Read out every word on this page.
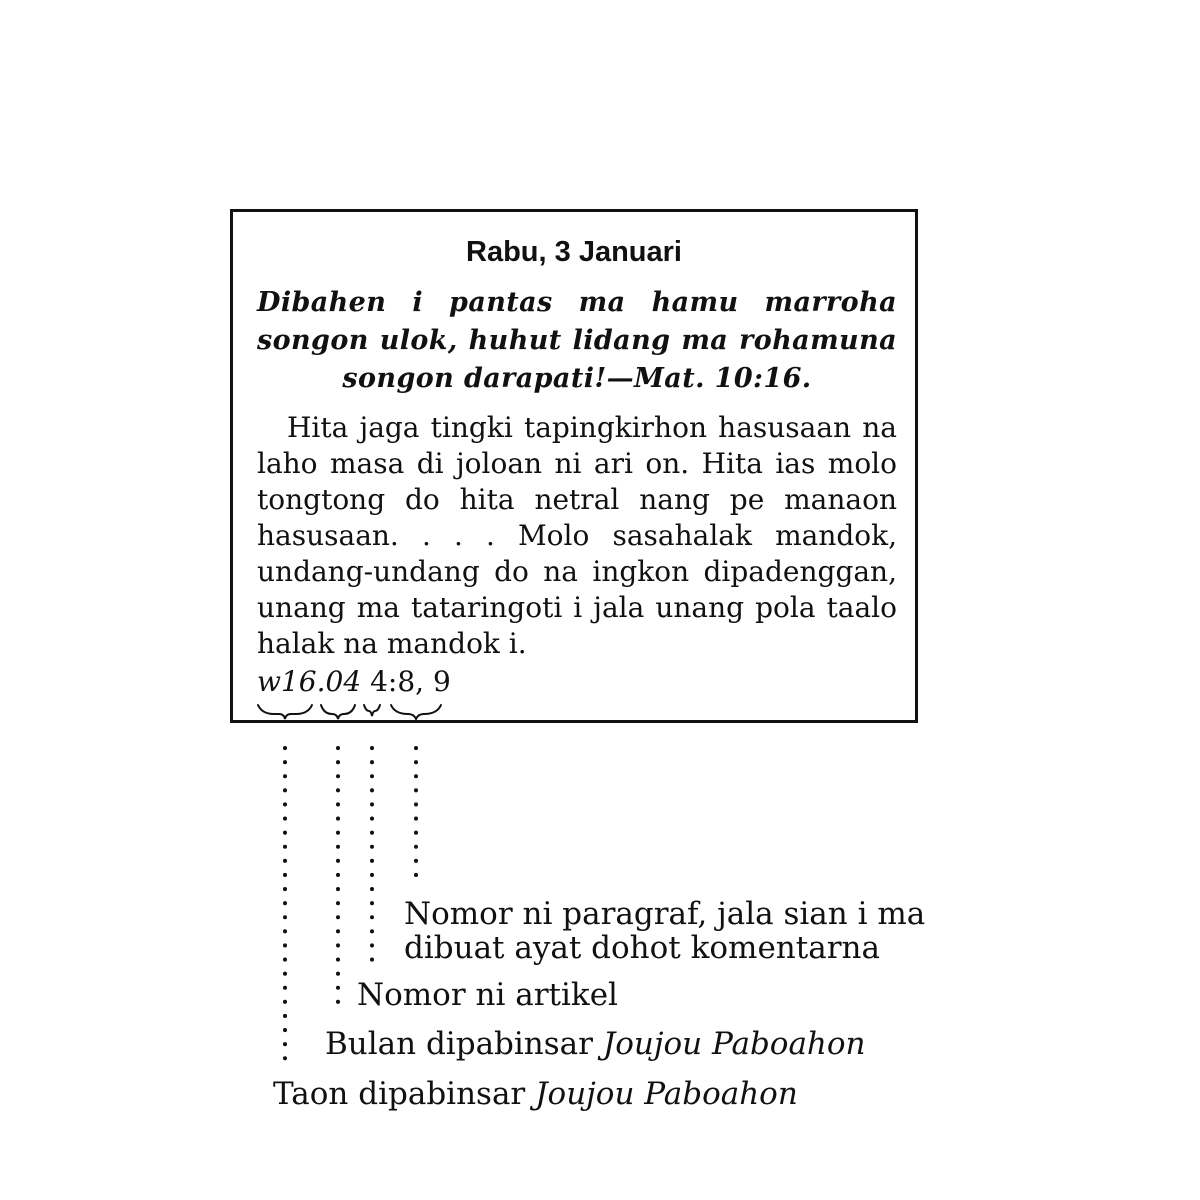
Rabu, 3 Januari

Dibahen i pantas ma hamu marroha songon ulok, huhut lidang ma rohamuna songon darapati!—Mat. 10:16.

Hita jaga tingki tapingkirhon hasusaan na laho masa di joloan ni ari on. Hita ias molo tongtong do hita netral nang pe manaon hasusaan. . . . Molo sasahalak mandok, undang-undang do na ingkon dipadenggan, unang ma tataringoti i jala unang pola taalo halak na mandok i.

w16.04 4:8, 9

Nomor ni paragraf, jala sian i ma

dibuat ayat dohot komentarna

Nomor ni artikel

Bulan dipabinsar Joujou Paboahon

Taon dipabinsar Joujou Paboahon
